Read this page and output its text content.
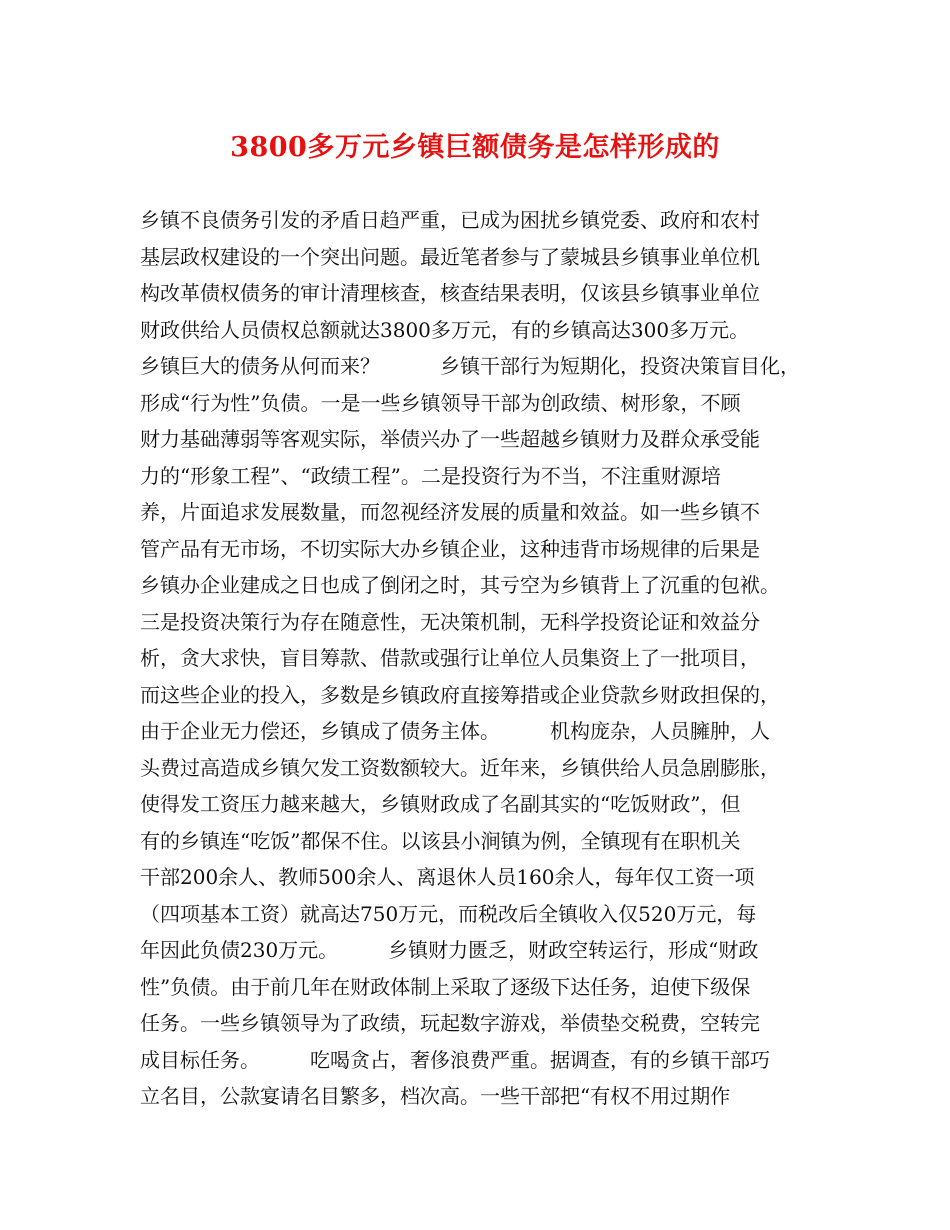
3800多万元乡镇巨额债务是怎样形成的
乡镇不良债务引发的矛盾日趋严重，已成为困扰乡镇党委、政府和农村
基层政权建设的一个突出问题。最近笔者参与了蒙城县乡镇事业单位机
构改革债权债务的审计清理核查，核查结果表明，仅该县乡镇事业单位
财政供给人员债权总额就达3800多万元，有的乡镇高达300多万元。
乡镇巨大的债务从何而来？　　　乡镇干部行为短期化，投资决策盲目化，
形成“行为性”负债。一是一些乡镇领导干部为创政绩、树形象，不顾
财力基础薄弱等客观实际，举债兴办了一些超越乡镇财力及群众承受能
力的“形象工程”、“政绩工程”。二是投资行为不当，不注重财源培
养，片面追求发展数量，而忽视经济发展的质量和效益。如一些乡镇不
管产品有无市场，不切实际大办乡镇企业，这种违背市场规律的后果是
乡镇办企业建成之日也成了倒闭之时，其亏空为乡镇背上了沉重的包袱。
三是投资决策行为存在随意性，无决策机制，无科学投资论证和效益分
析，贪大求快，盲目筹款、借款或强行让单位人员集资上了一批项目，
而这些企业的投入，多数是乡镇政府直接筹措或企业贷款乡财政担保的，
由于企业无力偿还，乡镇成了债务主体。　　　机构庞杂，人员臃肿，人
头费过高造成乡镇欠发工资数额较大。近年来，乡镇供给人员急剧膨胀，
使得发工资压力越来越大，乡镇财政成了名副其实的“吃饭财政”，但
有的乡镇连“吃饭”都保不住。以该县小涧镇为例，全镇现有在职机关
干部200余人、教师500余人、离退休人员160余人，每年仅工资一项
（四项基本工资）就高达750万元，而税改后全镇收入仅520万元，每
年因此负债230万元。　　　乡镇财力匮乏，财政空转运行，形成“财政
性”负债。由于前几年在财政体制上采取了逐级下达任务，迫使下级保
任务。一些乡镇领导为了政绩，玩起数字游戏，举债垫交税费，空转完
成目标任务。　　　吃喝贪占，奢侈浪费严重。据调查，有的乡镇干部巧
立名目，公款宴请名目繁多，档次高。一些干部把“有权不用过期作
